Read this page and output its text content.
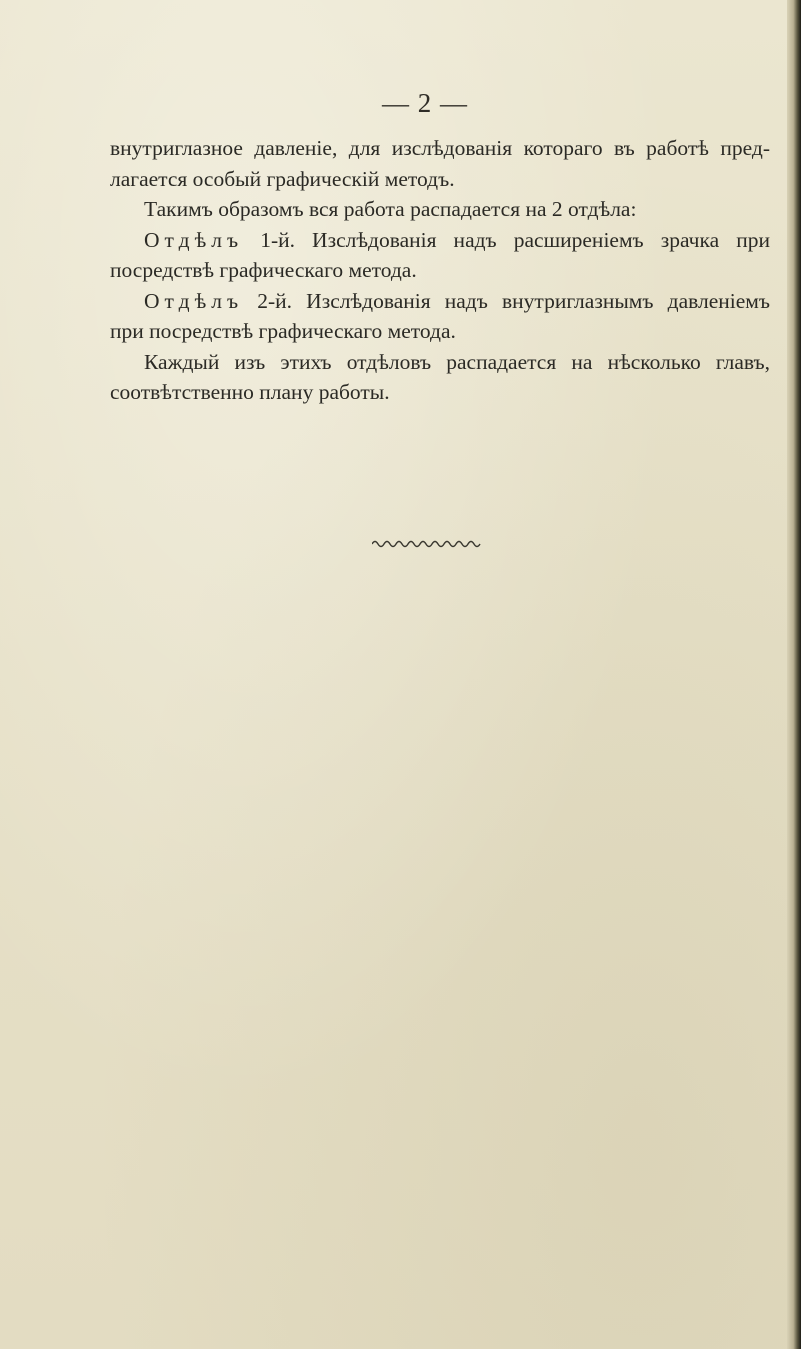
— 2 —
внутриглазное давленіе, для изслѣдованія котораго въ работѣ пред-
лагается особый графическій методъ.
Такимъ образомъ вся работа распадается на 2 отдѣла:
Отдѣлъ 1-й. Изслѣдованія надъ расширеніемъ зрачка при
посредствѣ графическаго метода.
Отдѣлъ 2-й. Изслѣдованія надъ внутриглазнымъ давленіемъ
при посредствѣ графическаго метода.
Каждый изъ этихъ отдѣловъ распадается на нѣсколько главъ,
соотвѣтственно плану работы.
